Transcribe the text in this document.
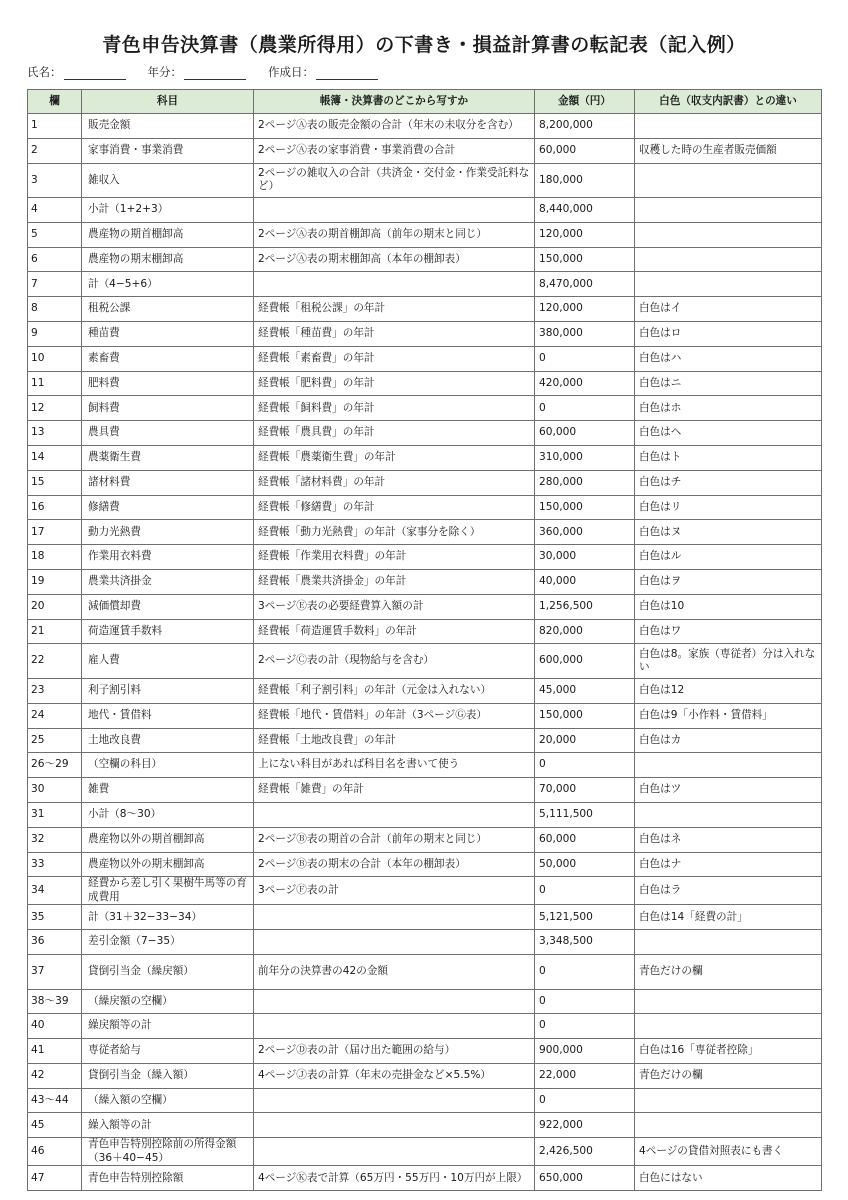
青色申告決算書（農業所得用）の下書き・損益計算書の転記表（記入例）
氏名：	年分：	作成日：
欄	科目	帳簿・決算書のどこから写すか	金額（円）	白色（収支内訳書）との違い
1	販売金額	2ページⒶ表の販売金額の合計（年末の未収分を含む）	8,200,000	
2	家事消費・事業消費	2ページⒶ表の家事消費・事業消費の合計	60,000	収穫した時の生産者販売価額
3	雑収入	2ページの雑収入の合計（共済金・交付金・作業受託料など）	180,000	
4	小計（1+2+3）		8,440,000	
5	農産物の期首棚卸高	2ページⒶ表の期首棚卸高（前年の期末と同じ）	120,000	
6	農産物の期末棚卸高	2ページⒶ表の期末棚卸高（本年の棚卸表）	150,000	
7	計（4−5+6）		8,470,000	
8	租税公課	経費帳「租税公課」の年計	120,000	白色はイ
9	種苗費	経費帳「種苗費」の年計	380,000	白色はロ
10	素畜費	経費帳「素畜費」の年計	0	白色はハ
11	肥料費	経費帳「肥料費」の年計	420,000	白色はニ
12	飼料費	経費帳「飼料費」の年計	0	白色はホ
13	農具費	経費帳「農具費」の年計	60,000	白色はヘ
14	農薬衛生費	経費帳「農薬衛生費」の年計	310,000	白色はト
15	諸材料費	経費帳「諸材料費」の年計	280,000	白色はチ
16	修繕費	経費帳「修繕費」の年計	150,000	白色はリ
17	動力光熱費	経費帳「動力光熱費」の年計（家事分を除く）	360,000	白色はヌ
18	作業用衣料費	経費帳「作業用衣料費」の年計	30,000	白色はル
19	農業共済掛金	経費帳「農業共済掛金」の年計	40,000	白色はヲ
20	減価償却費	3ページⒺ表の必要経費算入額の計	1,256,500	白色は10
21	荷造運賃手数料	経費帳「荷造運賃手数料」の年計	820,000	白色はワ
22	雇人費	2ページⒸ表の計（現物給与を含む）	600,000	白色は8。家族（専従者）分は入れない
23	利子割引料	経費帳「利子割引料」の年計（元金は入れない）	45,000	白色は12
24	地代・賃借料	経費帳「地代・賃借料」の年計（3ページⒼ表）	150,000	白色は9「小作料・賃借料」
25	土地改良費	経費帳「土地改良費」の年計	20,000	白色はカ
26〜29	（空欄の科目）	上にない科目があれば科目名を書いて使う	0	
30	雑費	経費帳「雑費」の年計	70,000	白色はツ
31	小計（8〜30）		5,111,500	
32	農産物以外の期首棚卸高	2ページⒷ表の期首の合計（前年の期末と同じ）	60,000	白色はネ
33	農産物以外の期末棚卸高	2ページⒷ表の期末の合計（本年の棚卸表）	50,000	白色はナ
34	経費から差し引く果樹牛馬等の育成費用	3ページⒻ表の計	0	白色はラ
35	計（31＋32−33−34）		5,121,500	白色は14「経費の計」
36	差引金額（7−35）		3,348,500	
37	貸倒引当金（繰戻額）	前年分の決算書の42の金額	0	青色だけの欄
38〜39	（繰戻額の空欄）		0	
40	繰戻額等の計		0	
41	専従者給与	2ページⒹ表の計（届け出た範囲の給与）	900,000	白色は16「専従者控除」
42	貸倒引当金（繰入額）	4ページⒿ表の計算（年末の売掛金など×5.5%）	22,000	青色だけの欄
43〜44	（繰入額の空欄）		0	
45	繰入額等の計		922,000	
46	青色申告特別控除前の所得金額（36＋40−45）		2,426,500	4ページの貸借対照表にも書く
47	青色申告特別控除額	4ページⓀ表で計算（65万円・55万円・10万円が上限）	650,000	白色にはない
